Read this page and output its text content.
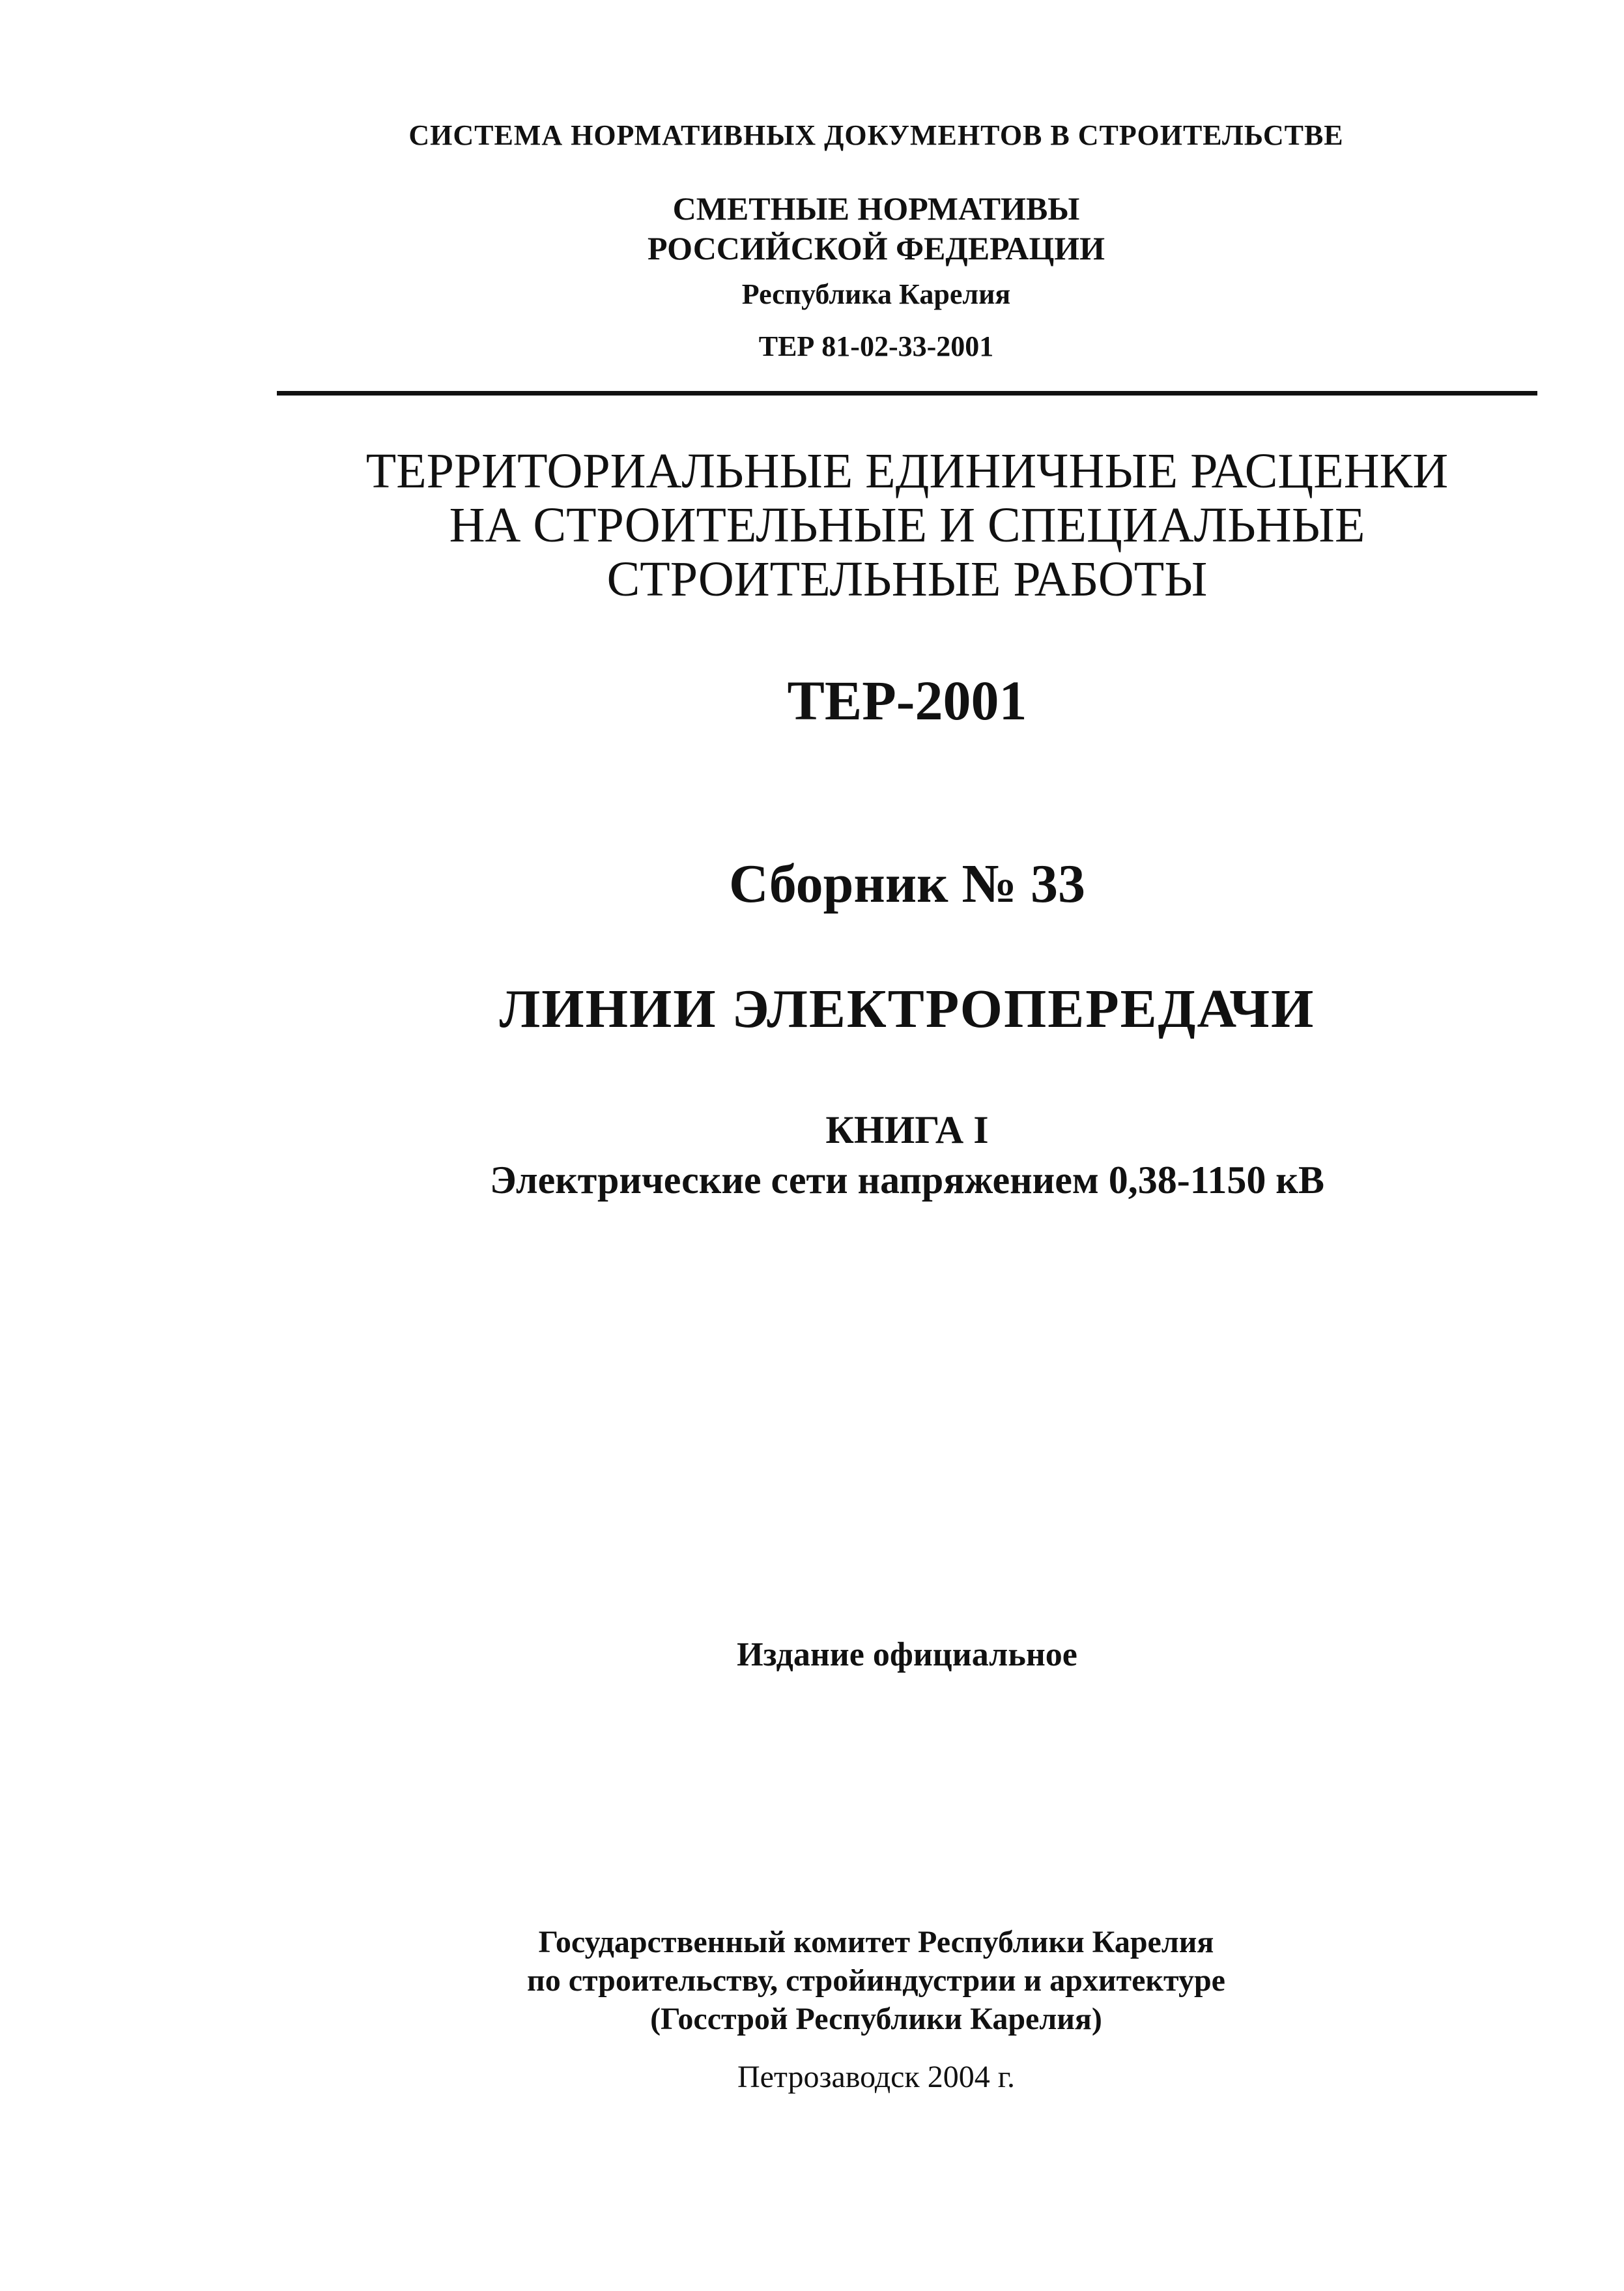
СИСТЕМА НОРМАТИВНЫХ ДОКУМЕНТОВ В СТРОИТЕЛЬСТВЕ

СМЕТНЫЕ НОРМАТИВЫ

РОССИЙСКОЙ ФЕДЕРАЦИИ

Республика Карелия

ТЕР 81-02-33-2001

ТЕРРИТОРИАЛЬНЫЕ ЕДИНИЧНЫЕ РАСЦЕНКИ

НА СТРОИТЕЛЬНЫЕ И СПЕЦИАЛЬНЫЕ

СТРОИТЕЛЬНЫЕ РАБОТЫ

ТЕР-2001

Сборник № 33

ЛИНИИ ЭЛЕКТРОПЕРЕДАЧИ

КНИГА I

Электрические сети напряжением 0,38-1150 кВ

Издание официальное

Государственный комитет Республики Карелия

по строительству, стройиндустрии и архитектуре

(Госстрой Республики Карелия)

Петрозаводск 2004 г.
